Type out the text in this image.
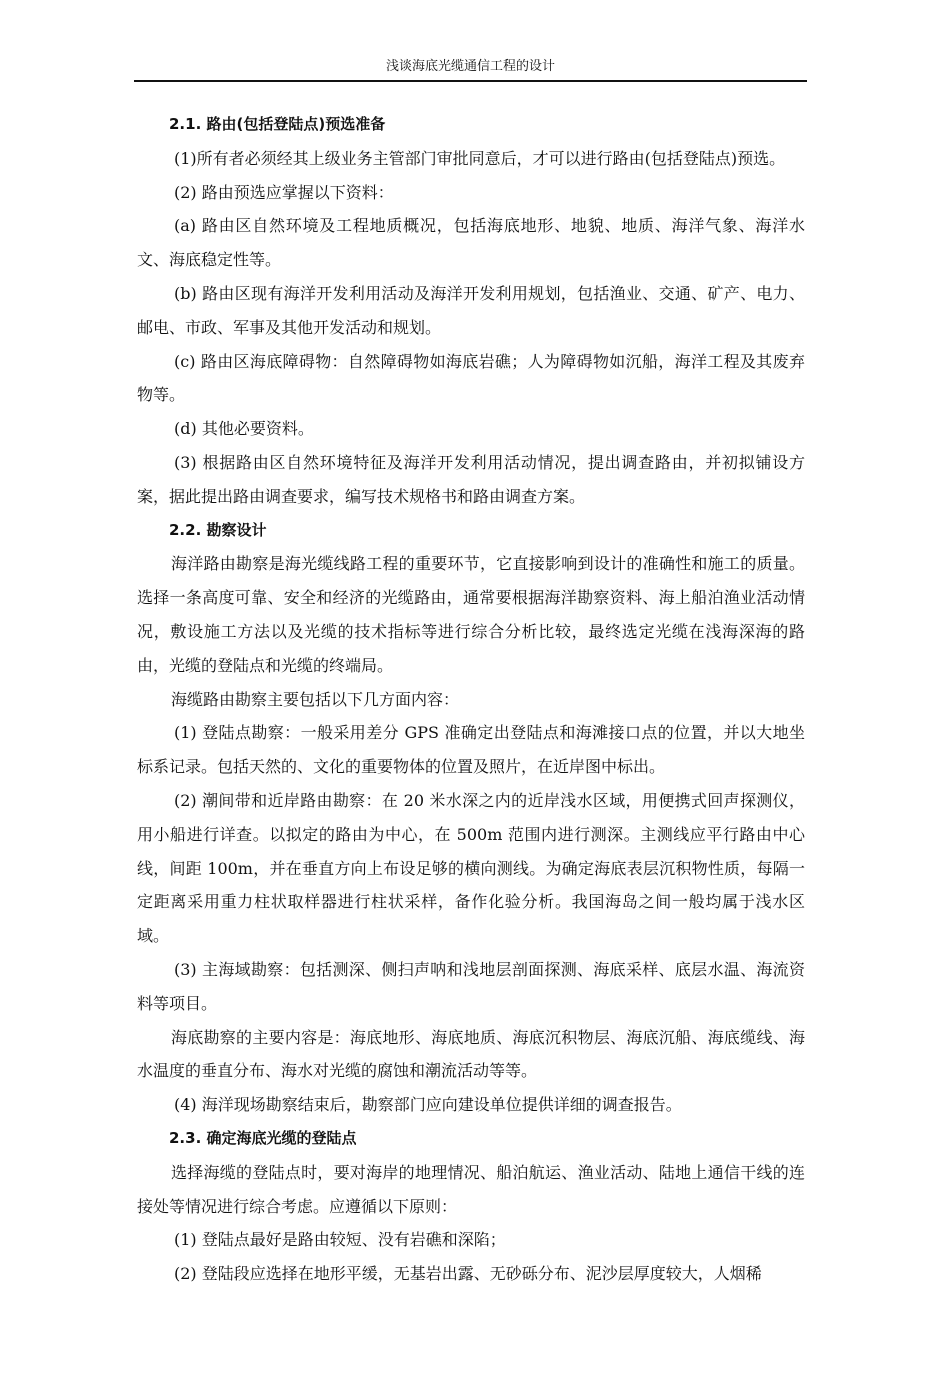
浅谈海底光缆通信工程的设计

2.1. 路由(包括登陆点)预选准备

(1)所有者必须经其上级业务主管部门审批同意后，才可以进行路由(包括登陆点)预选。

(2) 路由预选应掌握以下资料：

(a) 路由区自然环境及工程地质概况，包括海底地形、地貌、地质、海洋气象、海洋水文、海底稳定性等。

(b) 路由区现有海洋开发利用活动及海洋开发利用规划，包括渔业、交通、矿产、电力、邮电、市政、军事及其他开发活动和规划。

(c) 路由区海底障碍物：自然障碍物如海底岩礁；人为障碍物如沉船，海洋工程及其废弃物等。

(d) 其他必要资料。

(3) 根据路由区自然环境特征及海洋开发利用活动情况，提出调查路由，并初拟铺设方案，据此提出路由调查要求，编写技术规格书和路由调查方案。

2.2. 勘察设计

海洋路由勘察是海光缆线路工程的重要环节，它直接影响到设计的准确性和施工的质量。选择一条高度可靠、安全和经济的光缆路由，通常要根据海洋勘察资料、海上船泊渔业活动情况，敷设施工方法以及光缆的技术指标等进行综合分析比较，最终选定光缆在浅海深海的路由，光缆的登陆点和光缆的终端局。

海缆路由勘察主要包括以下几方面内容：

(1) 登陆点勘察：一般采用差分 GPS 准确定出登陆点和海滩接口点的位置，并以大地坐标系记录。包括天然的、文化的重要物体的位置及照片，在近岸图中标出。

(2) 潮间带和近岸路由勘察：在 20 米水深之内的近岸浅水区域，用便携式回声探测仪，用小船进行详查。以拟定的路由为中心，在 500m 范围内进行测深。主测线应平行路由中心线，间距 100m，并在垂直方向上布设足够的横向测线。为确定海底表层沉积物性质，每隔一定距离采用重力柱状取样器进行柱状采样，备作化验分析。我国海岛之间一般均属于浅水区域。

(3) 主海域勘察：包括测深、侧扫声呐和浅地层剖面探测、海底采样、底层水温、海流资料等项目。

海底勘察的主要内容是：海底地形、海底地质、海底沉积物层、海底沉船、海底缆线、海水温度的垂直分布、海水对光缆的腐蚀和潮流活动等等。

(4) 海洋现场勘察结束后，勘察部门应向建设单位提供详细的调查报告。

2.3. 确定海底光缆的登陆点

选择海缆的登陆点时，要对海岸的地理情况、船泊航运、渔业活动、陆地上通信干线的连接处等情况进行综合考虑。应遵循以下原则：

(1) 登陆点最好是路由较短、没有岩礁和深陷；

(2) 登陆段应选择在地形平缓，无基岩出露、无砂砾分布、泥沙层厚度较大，人烟稀
